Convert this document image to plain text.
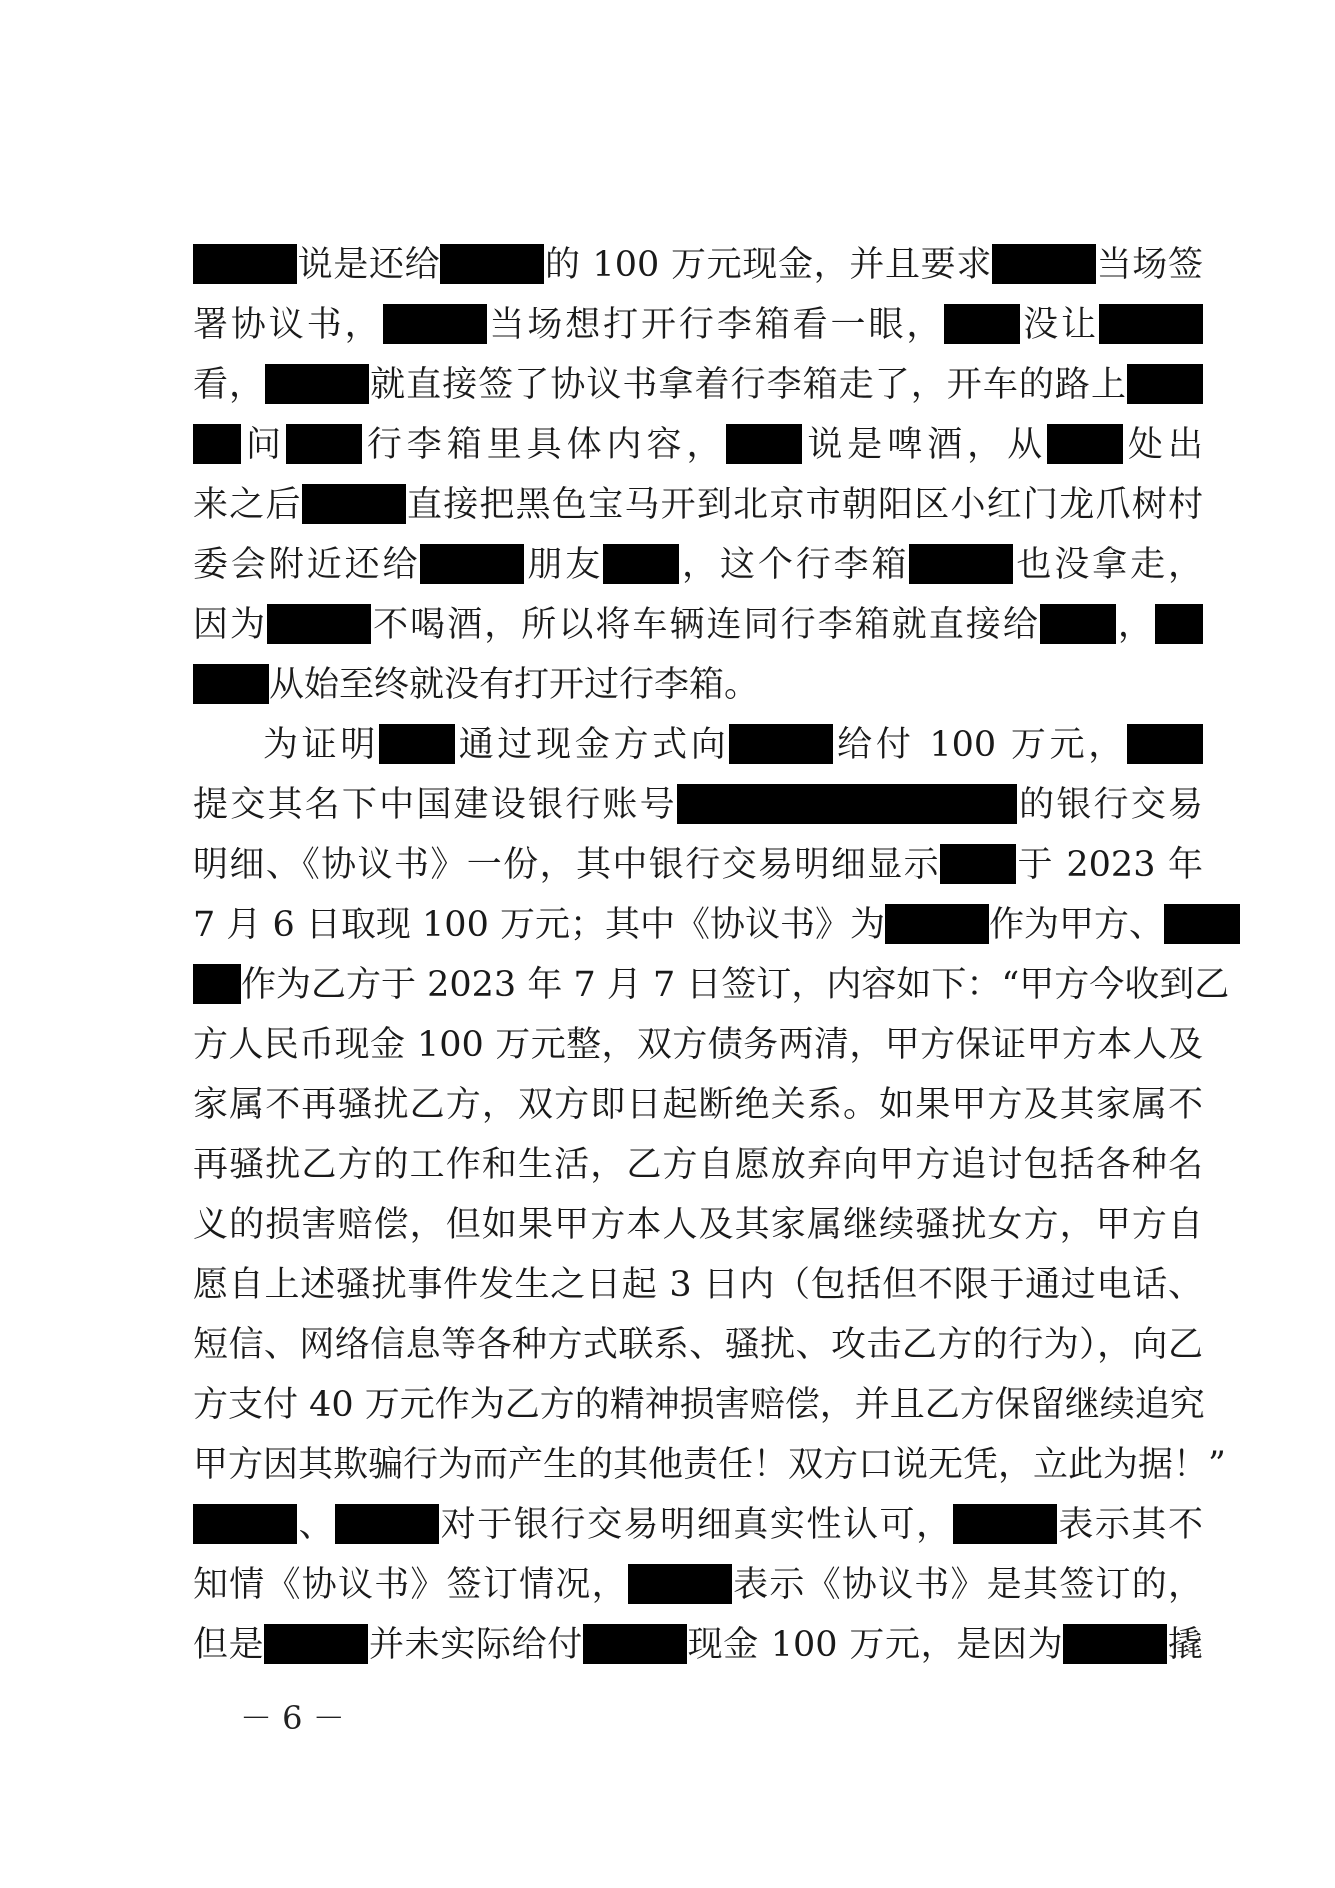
说是还给	的 100 万元现金，并且要求	当场签
署协议书，	当场想打开行李箱看一眼， 没让
看，	就直接签了协议书拿着行李箱走了，开车的路上
问 行李箱里具体内容， 说是啤酒，从 处出
来之后	直接把黑色宝马开到北京市朝阳区小红门龙爪树村
委会附近还给	朋友 ，这个行李箱	也没拿走，
因为	不喝酒，所以将车辆连同行李箱就直接给 ，
从始至终就没有打开过行李箱。
为证明 通过现金方式向	给付 100 万元，
提交其名下中国建设银行账号	的银行交易
明细、《协议书》一份，其中银行交易明细显示 于 2023 年
7 月 6 日取现 100 万元；其中《协议书》为	作为甲方、
作为乙方于 2023 年 7 月 7 日签订，内容如下：“甲方今收到乙
方人民币现金 100 万元整，双方债务两清，甲方保证甲方本人及
家属不再骚扰乙方，双方即日起断绝关系。如果甲方及其家属不
再骚扰乙方的工作和生活，乙方自愿放弃向甲方追讨包括各种名
义的损害赔偿，但如果甲方本人及其家属继续骚扰女方，甲方自
愿自上述骚扰事件发生之日起 3 日内（包括但不限于通过电话、
短信、网络信息等各种方式联系、骚扰、攻击乙方的行为），向乙
方支付 40 万元作为乙方的精神损害赔偿，并且乙方保留继续追究
甲方因其欺骗行为而产生的其他责任！双方口说无凭，立此为据！”
、	对于银行交易明细真实性认可，	表示其不
知情《协议书》签订情况，	表示《协议书》是其签订的，
但是	并未实际给付	现金 100 万元，是因为	撬
－ 6 －
